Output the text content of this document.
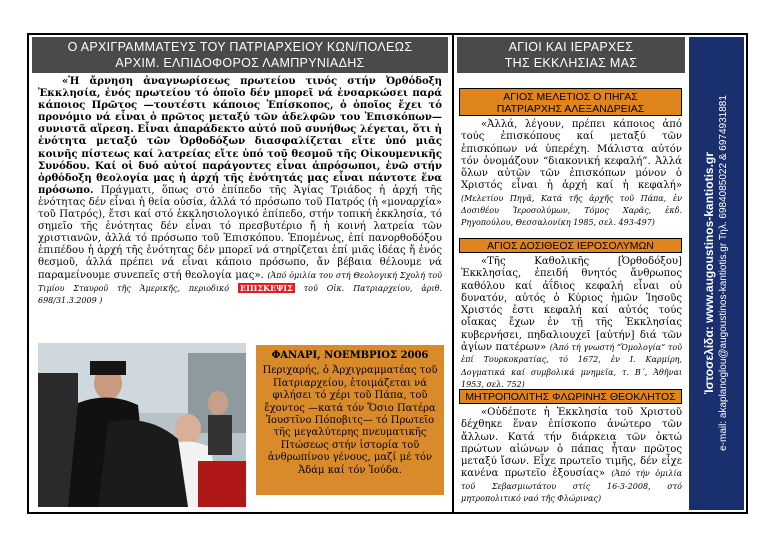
Ο ΑΡΧΙΓΡΑΜΜΑΤΕΥΣ ΤΟΥ ΠΑΤΡΙΑΡΧΕΙΟΥ ΚΩΝ/ΠΟΛΕΩΣ
ΑΡΧΙΜ. ΕΛΠΙΔΟΦΟΡΟΣ ΛΑΜΠΡΥΝΙΑΔΗΣ
ΑΓΙΟΙ ΚΑΙ ΙΕΡΑΡΧΕΣ
ΤΗΣ ΕΚΚΛΗΣΙΑΣ ΜΑΣ

«Ἡ ἄρνηση ἀναγνωρίσεως πρωτείου τινός στήν Ὀρθόδοξη Ἐκκλησία, ἑνός πρωτείου τό ὁποῖο δέν μπορεῖ νά ἐνσαρκώσει παρά κάποιος Πρῶτος —τουτέστι κάποιος Ἐπίσκοπος, ὁ ὁποῖος ἔχει τό προνόμιο νά εἶναι ὁ πρῶτος μεταξύ τῶν ἀδελφῶν του Ἐπισκόπων— συνιστᾶ αἵρεση. Εἶναι ἀπαράδεκτο αὐτό ποῦ συνήθως λέγεται, ὅτι ἡ ἑνότητα μεταξύ τῶν Ὀρθοδόξων διασφαλίζεται εἴτε ὑπό μιᾶς κοινῆς πίστεως καί λατρείας εἴτε ὑπό τοῦ θεσμοῦ τῆς Οἰκουμενικῆς Συνόδου. Καί οἱ δυό αὐτοί παράγοντες εἶναι ἀπρόσωποι, ἐνῶ στήν ὀρθόδοξη θεολογία μας ἡ ἀρχή τῆς ἑνότητάς μας εἶναι πάντοτε ἕνα πρόσωπο. Πράγματι, ὅπως στό ἐπίπεδο τῆς Ἁγίας Τριάδος ἡ ἀρχή τῆς ἑνότητας δέν εἶναι ἡ θεία οὐσία, ἀλλά τό πρόσωπο τοῦ Πατρός (ἡ «μοναρχία» τοῦ Πατρός), ἔτσι καί στό ἐκκλησιολογικό ἐπίπεδο, στήν τοπική ἐκκλησία, τό σημεῖο τῆς ἑνότητας δέν εἶναι τό πρεσβυτέριο ἤ ἡ κοινή λατρεία τῶν χριστιανῶν, ἀλλά τό πρόσωπο τοῦ Ἐπισκόπου. Ἐπομένως, ἐπί πανορθοδόξου ἐπιπέδου ἡ ἀρχή τῆς ἑνότητας δέν μπορεῖ νά στηρίζεται ἐπί μιᾶς ἰδέας ἤ ἑνός θεσμοῦ, ἀλλά πρέπει νά εἶναι κάποιο πρόσωπο, ἄν βέβαια θέλουμε νά παραμείνουμε συνεπεῖς στή θεολογία μας». (Ἀπό ὁμιλία του στή Θεολογική Σχολή τοῦ Τιμίου Σταυροῦ τῆς Ἀμερικῆς, περιοδικό ΕΠΙΣΚΕΨΙΣ τοῦ Οἰκ. Πατριαρχείου, ἀριθ. 698/31.3.2009 )

ΦΑΝΑΡΙ, ΝΟΕΜΒΡΙΟΣ 2006
Περιχαρής, ὁ Ἀρχιγραμματέας τοῦ Πατριαρχείου, ἑτοιμάζεται νά φιλήσει τό χέρι τοῦ Πάπα, τοῦ ἔχοντος —κατά τόν Ὅσιο Πατέρα Ἰουστῖνο Πόποβιτς— τό Πρωτεῖο τῆς μεγαλύτερης πνευματικῆς Πτώσεως στήν ἱστορία τοῦ ἀνθρωπίνου γένους, μαζί μέ τόν Ἀδάμ καί τόν Ἰούδα.
ΑΓΙΟΣ ΜΕΛΕΤΙΟΣ Ο ΠΗΓΑΣ
ΠΑΤΡΙΑΡΧΗΣ ΑΛΕΞΑΝΔΡΕΙΑΣ

«Ἀλλά, λέγουν, πρέπει κάποιος ἀπό τούς ἐπισκόπους καί μεταξύ τῶν ἐπισκόπων νά ὑπερέχη. Μάλιστα αὐτόν τόν ὀνομάζουν “διακονική κεφαλή”. Ἀλλά ὅλων αὐτῶν τῶν ἐπισκόπων μόνον ὁ Χριστός εἶναι ἡ ἀρχή καί ἡ κεφαλή» (Μελετίου Πηγᾶ, Κατά τῆς ἀρχῆς τοῦ Πάπα, ἐν Δοσιθέου Ἱεροσολύμων, Τόμος Χαρᾶς, ἐκδ. Ρηγοπούλου, Θεσσαλονίκη 1985, σελ. 493-497)

ΑΓΙΟΣ ΔΟΣΙΘΕΟΣ ΙΕΡΟΣΟΛΥΜΩΝ

«Τῆς Καθολικῆς [Ὀρθοδόξου] Ἐκκλησίας, ἐπειδή θνητός ἄνθρωπος καθόλου καί ἀΐδιος κεφαλή εἶναι οὐ δυνατόν, αὐτός ὁ Κύριος ἡμῶν Ἰησοῦς Χριστός ἐστι κεφαλή καί αὐτός τούς οἴακας ἔχων ἐν τῇ τῆς Ἐκκλησίας κυβερνήσει, πηδαλιουχεῖ [αὐτήν] διά τῶν ἁγίων πατέρων» (Ἀπό τή γνωστή “Ὁμολογία” τοῦ ἐπί Τουρκοκρατίας, τό 1672, ἐν Ι. Καρμίρη, Δογματικά καί συμβολικά μνημεῖα, τ. Β΄, Ἀθῆναι 1953, σελ. 752)

ΜΗΤΡΟΠΟΛΙΤΗΣ ΦΛΩΡΙΝΗΣ ΘΕΟΚΛΗΤΟΣ

«Οὐδέποτε ἡ Ἐκκλησία τοῦ Χριστοῦ δέχθηκε ἕναν ἐπίσκοπο ἀνώτερο τῶν ἄλλων. Κατά τήν διάρκεια τῶν ὀκτώ πρώτων αἰώνων ὁ πάπας ἦταν πρῶτος μεταξύ ἴσων. Εἶχε πρωτεῖο τιμῆς, δέν εἶχε κανένα πρωτεῖο ἐξουσίας» (Ἀπό τήν ὁμιλία τοῦ Σεβασμιωτάτου στίς 16-3-2008, στό μητροπολιτικό ναό τῆς Φλώρινας)

Ἱστοσελίδα: www.augoustinos-kantiotis.gr e-mail: akaplanoglou@augoustinos-kantiotis.gr Τηλ. 6984085022 & 6974931881
